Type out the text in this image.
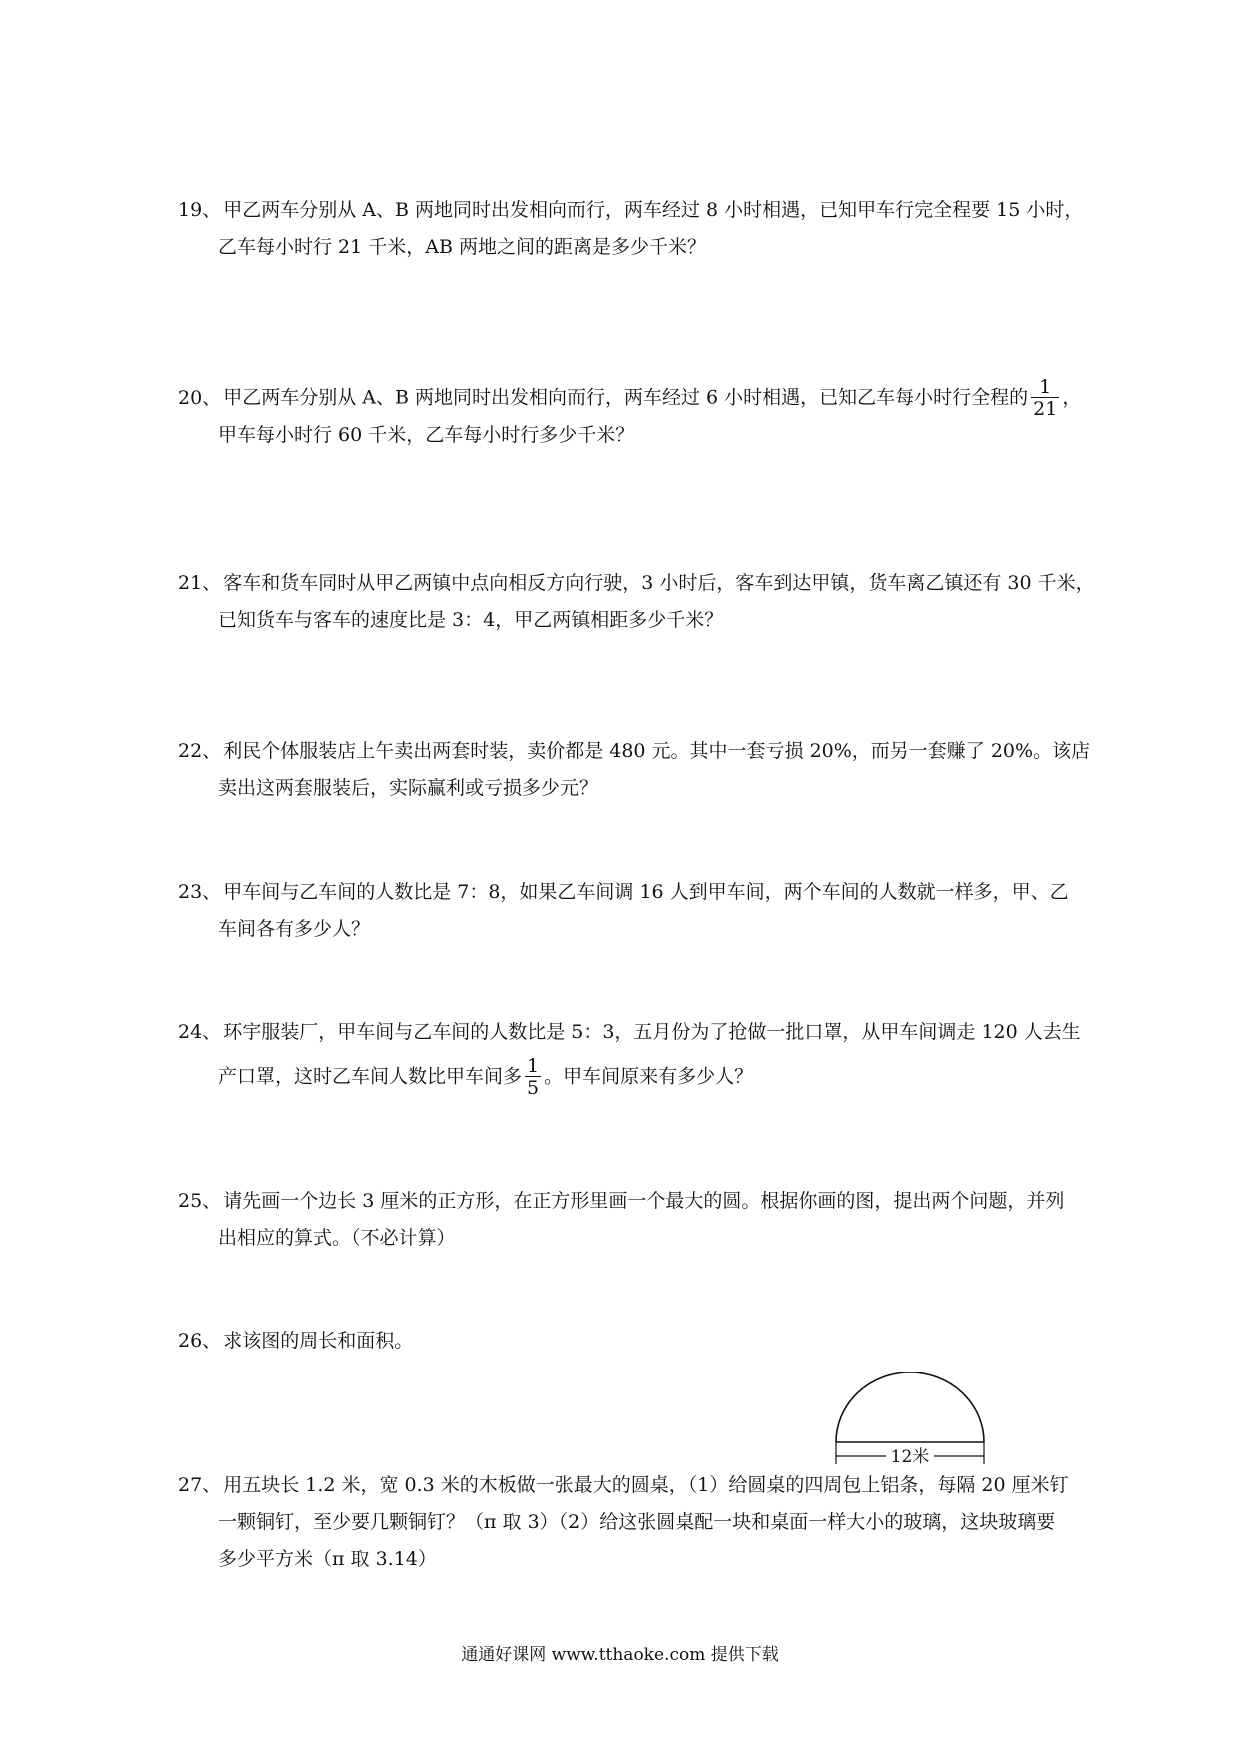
19、 甲乙两车分别从 A、B 两地同时出发相向而行，两车经过 8 小时相遇，已知甲车行完全程要 15 小时，
乙车每小时行 21 千米，AB 两地之间的距离是多少千米？
20、 甲乙两车分别从 A、B 两地同时出发相向而行，两车经过 6 小时相遇，已知乙车每小时行全程的 $\frac{1}{21}$ ，
甲车每小时行 60 千米，乙车每小时行多少千米？
21、 客车和货车同时从甲乙两镇中点向相反方向行驶，3 小时后，客车到达甲镇，货车离乙镇还有 30 千米，
已知货车与客车的速度比是 3：4，甲乙两镇相距多少千米？
22、 利民个体服装店上午卖出两套时装，卖价都是 480 元。其中一套亏损 20%，而另一套赚了 20%。该店
卖出这两套服装后，实际赢利或亏损多少元？
23、 甲车间与乙车间的人数比是 7：8，如果乙车间调 16 人到甲车间，两个车间的人数就一样多，甲、乙
车间各有多少人？
24、 环宇服装厂，甲车间与乙车间的人数比是 5：3，五月份为了抢做一批口罩，从甲车间调走 120 人去生
产口罩，这时乙车间人数比甲车间多 $\frac{1}{5}$ 。甲车间原来有多少人？
25、 请先画一个边长 3 厘米的正方形，在正方形里画一个最大的圆。根据你画的图，提出两个问题，并列
出相应的算式。（不必计算）
26、 求该图的周长和面积。
12米
27、 用五块长 1.2 米，宽 0.3 米的木板做一张最大的圆桌，（1）给圆桌的四周包上铝条，每隔 20 厘米钉
一颗铜钉，至少要几颗铜钉？（π 取 3）（2）给这张圆桌配一块和桌面一样大小的玻璃，这块玻璃要
多少平方米（π 取 3.14）
通通好课网 www.tthaoke.com 提供下载
